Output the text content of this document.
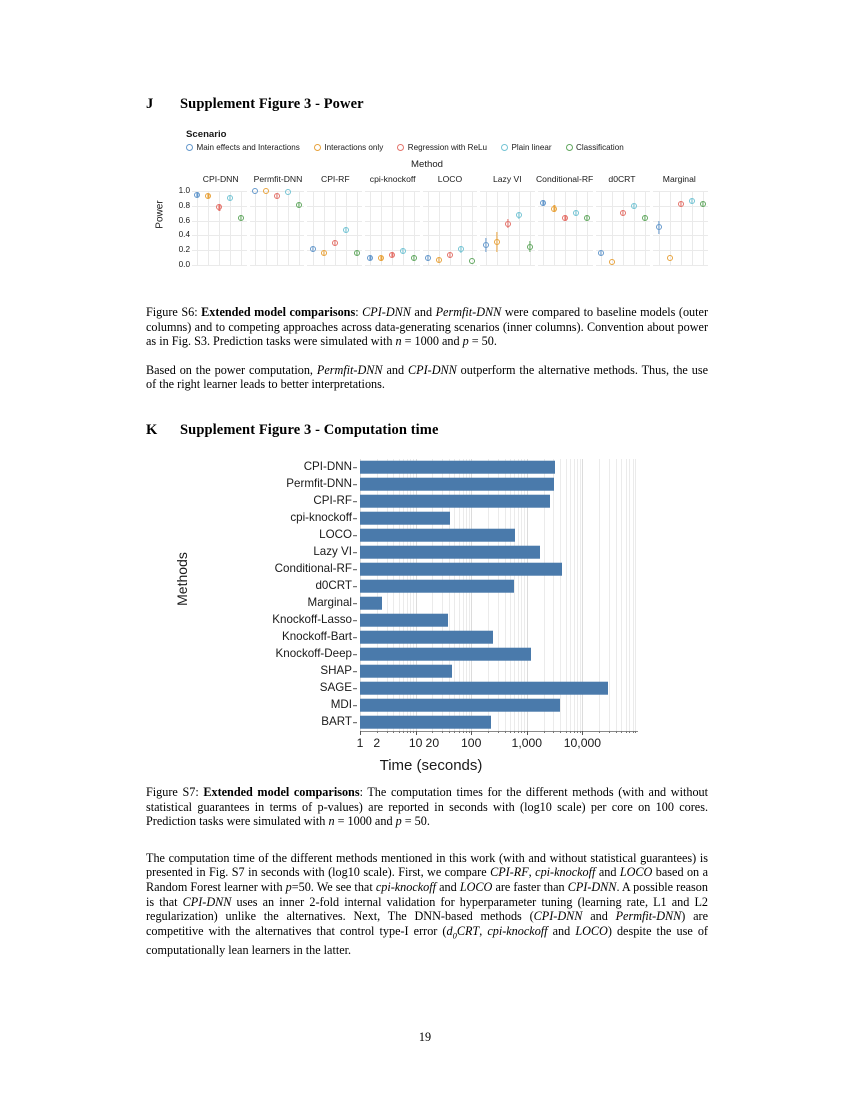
J	Supplement Figure 3 - Power
Scenario
Main effects and Interactions	Interactions only	Regression with ReLu	Plain linear	Classification
Method
CPI-DNN	Permfit-DNN	CPI-RF	cpi-knockoff	LOCO	Lazy VI	Conditional-RF	d0CRT	Marginal
Power
1.0
0.8
0.6
0.4
0.2
0.0

Figure S6: Extended model comparisons: CPI-DNN and Permfit-DNN were compared to baseline models (outer columns) and to competing approaches across data-generating scenarios (inner columns). Convention about power as in Fig. S3. Prediction tasks were simulated with n = 1000 and p = 50.

Based on the power computation, Permfit-DNN and CPI-DNN outperform the alternative methods. Thus, the use of the right learner leads to better interpretations.

K	Supplement Figure 3 - Computation time
Methods
CPI-DNN
Permfit-DNN
CPI-RF
cpi-knockoff
LOCO
Lazy VI
Conditional-RF
d0CRT
Marginal
Knockoff-Lasso
Knockoff-Bart
Knockoff-Deep
SHAP
SAGE
MDI
BART
1 2 10 20 100 1,000 10,000
Time (seconds)

Figure S7: Extended model comparisons: The computation times for the different methods (with and without statistical guarantees in terms of p-values) are reported in seconds with (log10 scale) per core on 100 cores. Prediction tasks were simulated with n = 1000 and p = 50.

The computation time of the different methods mentioned in this work (with and without statistical guarantees) is presented in Fig. S7 in seconds with (log10 scale). First, we compare CPI-RF, cpi-knockoff and LOCO based on a Random Forest learner with p=50. We see that cpi-knockoff and LOCO are faster than CPI-DNN. A possible reason is that CPI-DNN uses an inner 2-fold internal validation for hyperparameter tuning (learning rate, L1 and L2 regularization) unlike the alternatives. Next, The DNN-based methods (CPI-DNN and Permfit-DNN) are competitive with the alternatives that control type-I error ($d_0CRT$, cpi-knockoff and LOCO) despite the use of computationally lean learners in the latter.

19
